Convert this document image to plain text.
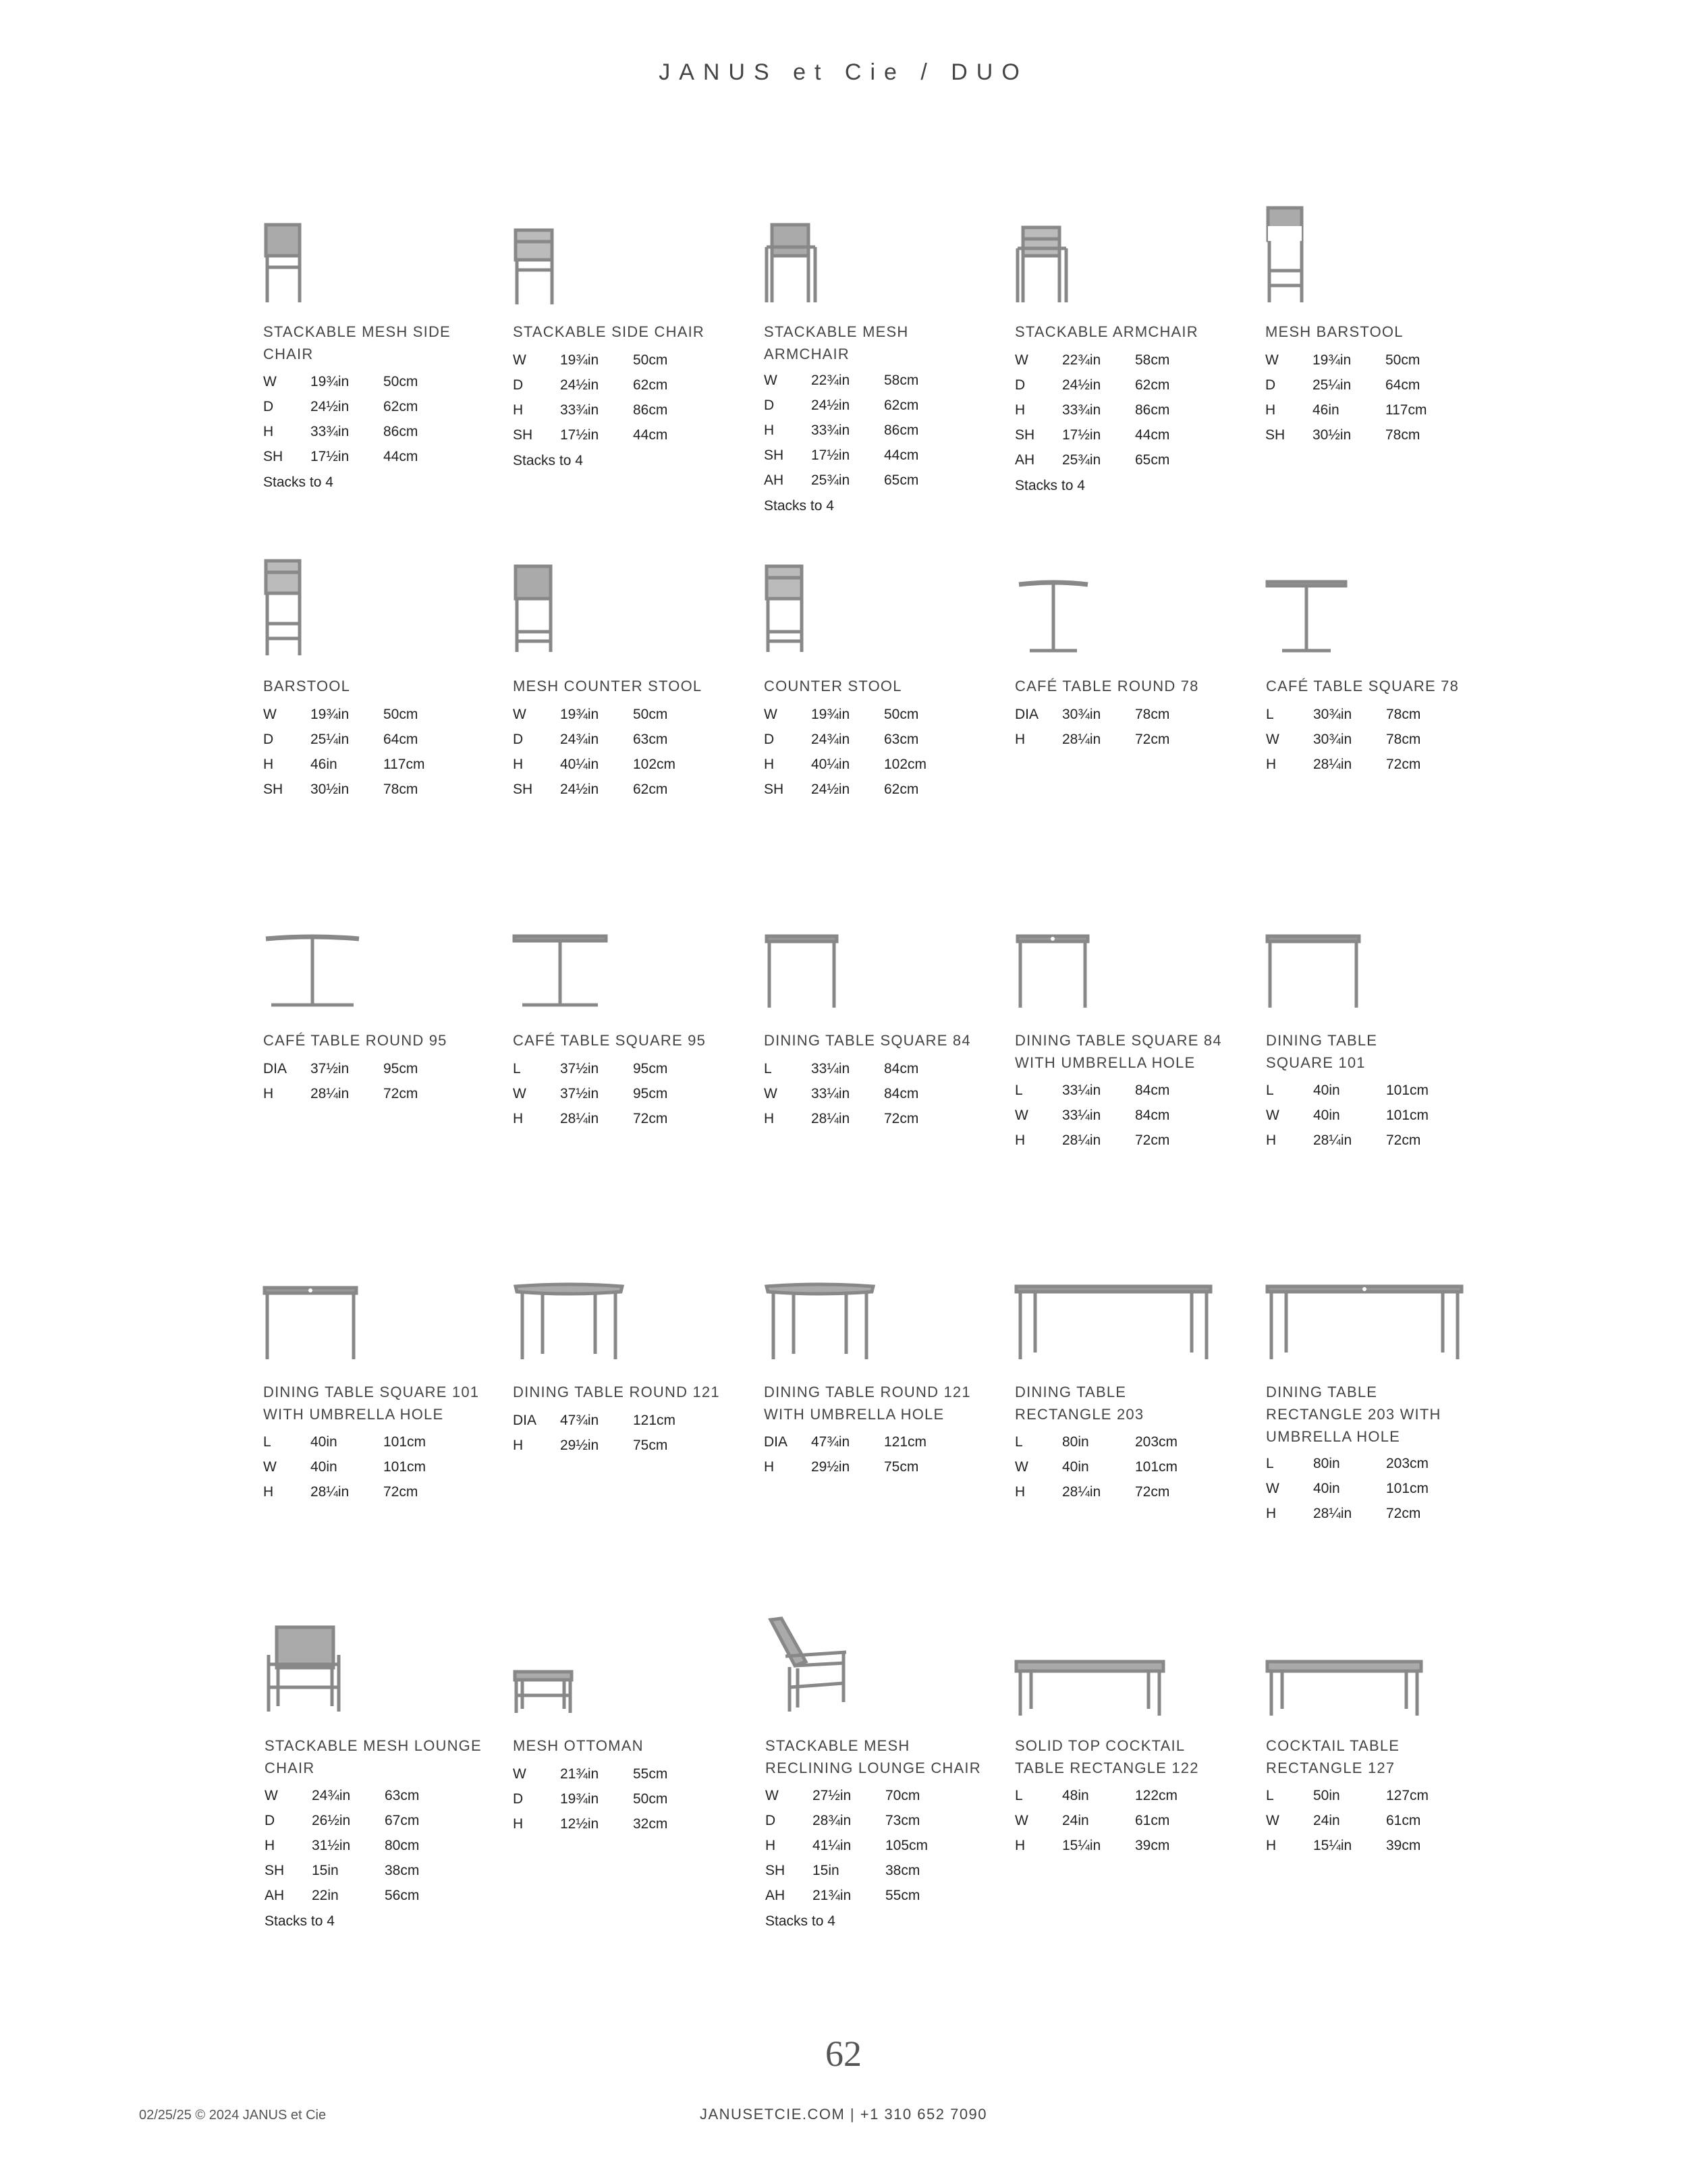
JANUS et Cie / DUO
STACKABLE MESH SIDE CHAIR
W 19¾in 50cm
D	24½in 62cm
H	33¾in 86cm
SH 17½in 44cm
Stacks to 4
STACKABLE SIDE CHAIR
W 19¾in 50cm
D	24½in 62cm
H	33¾in 86cm
SH 17½in 44cm
Stacks to 4
STACKABLE MESH ARMCHAIR
W 22¾in 58cm
D	24½in 62cm
H	33¾in 86cm
SH 17½in 44cm
AH 25¾in 65cm
Stacks to 4
STACKABLE ARMCHAIR
W 22¾in 58cm
D	24½in 62cm
H	33¾in 86cm
SH 17½in 44cm
AH 25¾in 65cm
Stacks to 4
MESH BARSTOOL
W 19¾in 50cm
D	25¼in 64cm
H	46in	117cm
SH 30½in 78cm
BARSTOOL
W 19¾in 50cm
D	25¼in 64cm
H	46in	117cm
SH 30½in 78cm
MESH COUNTER STOOL
W 19¾in 50cm
D	24¾in 63cm
H	40¼in 102cm
SH 24½in 62cm
COUNTER STOOL
W 19¾in 50cm
D	24¾in 63cm
H	40¼in 102cm
SH 24½in 62cm
CAFÉ TABLE ROUND 78
DIA 30¾in 78cm
H	28¼in 72cm
CAFÉ TABLE SQUARE 78
L	30¾in 78cm
W 30¾in 78cm
H	28¼in 72cm
CAFÉ TABLE ROUND 95
DIA 37½in 95cm
H	28¼in 72cm
CAFÉ TABLE SQUARE 95
L	37½in 95cm
W 37½in 95cm
H	28¼in 72cm
DINING TABLE SQUARE 84
L	33¼in 84cm
W 33¼in 84cm
H	28¼in 72cm
DINING TABLE SQUARE 84 WITH UMBRELLA HOLE
L	33¼in 84cm
W 33¼in 84cm
H	28¼in 72cm
DINING TABLE SQUARE 101
L	40in	101cm
W 40in	101cm
H	28¼in 72cm
DINING TABLE SQUARE 101 WITH UMBRELLA HOLE
L	40in	101cm
W 40in	101cm
H	28¼in 72cm
DINING TABLE ROUND 121
DIA 47¾in 121cm
H	29½in 75cm
DINING TABLE ROUND 121 WITH UMBRELLA HOLE
DIA 47¾in 121cm
H	29½in 75cm
DINING TABLE RECTANGLE 203
L	80in	203cm
W 40in	101cm
H	28¼in 72cm
DINING TABLE RECTANGLE 203 WITH UMBRELLA HOLE
L	80in	203cm
W 40in	101cm
H	28¼in 72cm
STACKABLE MESH LOUNGE CHAIR
W 24¾in 63cm
D	26½in 67cm
H	31½in 80cm
SH 15in	38cm
AH 22in	56cm
Stacks to 4
MESH OTTOMAN
W 21¾in 55cm
D	19¾in 50cm
H	12½in 32cm
STACKABLE MESH RECLINING LOUNGE CHAIR
W 27½in 70cm
D	28¾in 73cm
H	41¼in 105cm
SH 15in	38cm
AH 21¾in 55cm
Stacks to 4
SOLID TOP COCKTAIL TABLE RECTANGLE 122
L	48in	122cm
W 24in	61cm
H	15¼in 39cm
COCKTAIL TABLE RECTANGLE 127
L	50in	127cm
W 24in	61cm
H	15¼in 39cm
62
02/25/25 © 2024 JANUS et Cie	JANUSETCIE.COM | +1 310 652 7090
